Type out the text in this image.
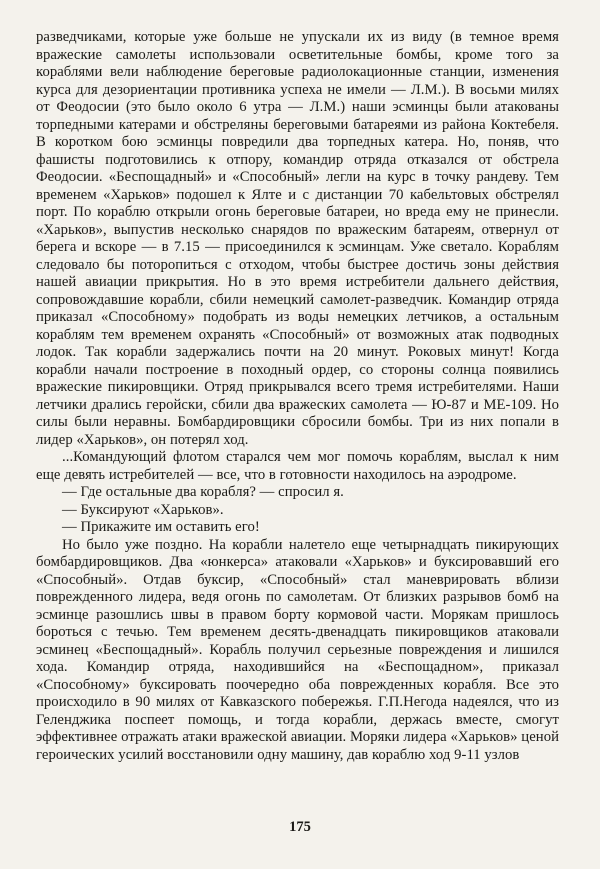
разведчиками, которые уже больше не упускали их из виду (в темное время вражеские самолеты использовали осветительные бомбы, кроме того за кораблями вели наблюдение береговые радиолокационные станции, изменения курса для дезориентации противника успеха не имели — Л.М.). В восьми милях от Феодосии (это было около 6 утра — Л.М.) наши эсминцы были атакованы торпедными катерами и обстреляны береговыми батареями из района Коктебеля. В коротком бою эсминцы повредили два торпедных катера. Но, поняв, что фашисты подготовились к отпору, командир отряда отказался от обстрела Феодосии. «Беспощадный» и «Способный» легли на курс в точку рандеву. Тем временем «Харьков» подошел к Ялте и с дистанции 70 кабельтовых обстрелял порт. По кораблю открыли огонь береговые батареи, но вреда ему не принесли. «Харьков», выпустив несколько снарядов по вражеским батареям, отвернул от берега и вскоре — в 7.15 — присоединился к эсминцам. Уже светало. Кораблям следовало бы поторопиться с отходом, чтобы быстрее достичь зоны действия нашей авиации прикрытия. Но в это время истребители дальнего действия, сопровождавшие корабли, сбили немецкий самолет-разведчик. Командир отряда приказал «Способному» подобрать из воды немецких летчиков, а остальным кораблям тем временем охранять «Способный» от возможных атак подводных лодок. Так корабли задержались почти на 20 минут. Роковых минут! Когда корабли начали построение в походный ордер, со стороны солнца появились вражеские пикировщики. Отряд прикрывался всего тремя истребителями. Наши летчики дрались геройски, сбили два вражеских самолета — Ю-87 и МЕ-109. Но силы были неравны. Бомбардировщики сбросили бомбы. Три из них попали в лидер «Харьков», он потерял ход.

...Командующий флотом старался чем мог помочь кораблям, выслал к ним еще девять истребителей — все, что в готовности находилось на аэродроме.

— Где остальные два корабля? — спросил я.

— Буксируют «Харьков».

— Прикажите им оставить его!

Но было уже поздно. На корабли налетело еще четырнадцать пикирующих бомбардировщиков. Два «юнкерса» атаковали «Харьков» и буксировавший его «Способный». Отдав буксир, «Способный» стал маневрировать вблизи поврежденного лидера, ведя огонь по самолетам. От близких разрывов бомб на эсминце разошлись швы в правом борту кормовой части. Морякам пришлось бороться с течью. Тем временем десять-двенадцать пикировщиков атаковали эсминец «Беспощадный». Корабль получил серьезные повреждения и лишился хода. Командир отряда, находившийся на «Беспощадном», приказал «Способному» буксировать поочередно оба поврежденных корабля. Все это происходило в 90 милях от Кавказского побережья. Г.П.Негода надеялся, что из Геленджика поспеет помощь, и тогда корабли, держась вместе, смогут эффективнее отражать атаки вражеской авиации. Моряки лидера «Харьков» ценой героических усилий восстановили одну машину, дав кораблю ход 9-11 узлов

175
